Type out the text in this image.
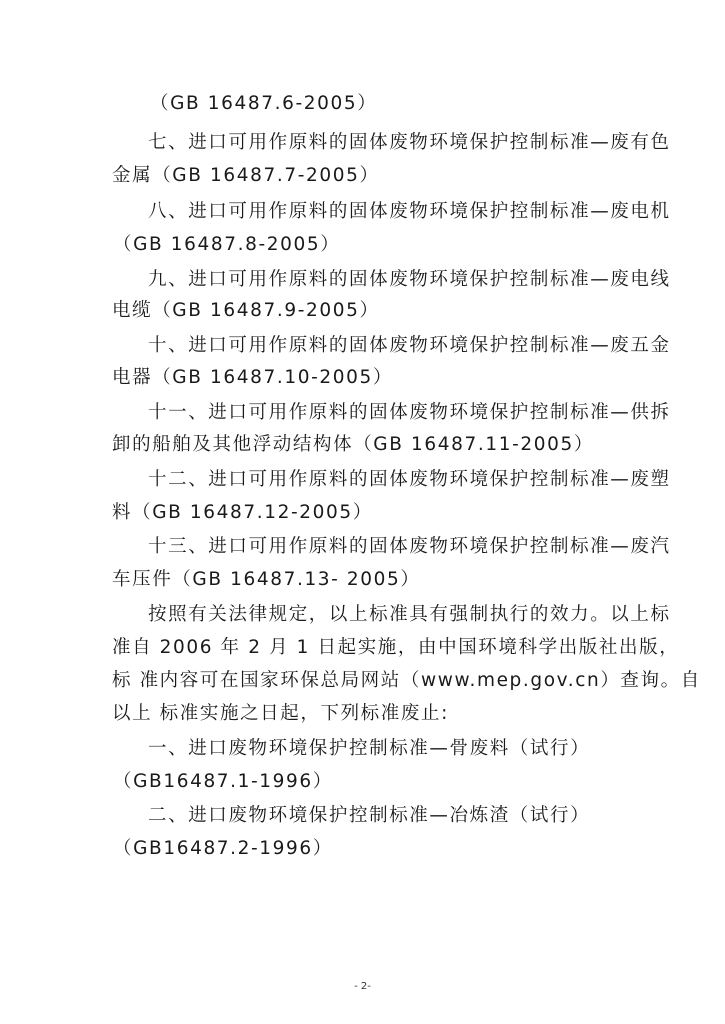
（GB 16487.6-2005）
七、进口可用作原料的固体废物环境保护控制标准—废有色
金属（GB 16487.7-2005）
八、进口可用作原料的固体废物环境保护控制标准—废电机
（GB 16487.8-2005）
九、进口可用作原料的固体废物环境保护控制标准—废电线
电缆（GB 16487.9-2005）
十、进口可用作原料的固体废物环境保护控制标准—废五金
电器（GB 16487.10-2005）
十一、进口可用作原料的固体废物环境保护控制标准—供拆
卸的船舶及其他浮动结构体（GB 16487.11-2005）
十二、进口可用作原料的固体废物环境保护控制标准—废塑
料（GB 16487.12-2005）
十三、进口可用作原料的固体废物环境保护控制标准—废汽
车压件（GB 16487.13- 2005）
按照有关法律规定，以上标准具有强制执行的效力。以上标
准自 2006 年 2 月 1 日起实施，由中国环境科学出版社出版，
标 准内容可在国家环保总局网站（www.mep.gov.cn）查询。自
以上 标准实施之日起，下列标准废止:
一、进口废物环境保护控制标准—骨废料（试行）
（GB16487.1-1996）
二、进口废物环境保护控制标准—冶炼渣（试行）
（GB16487.2-1996）
- 2-
